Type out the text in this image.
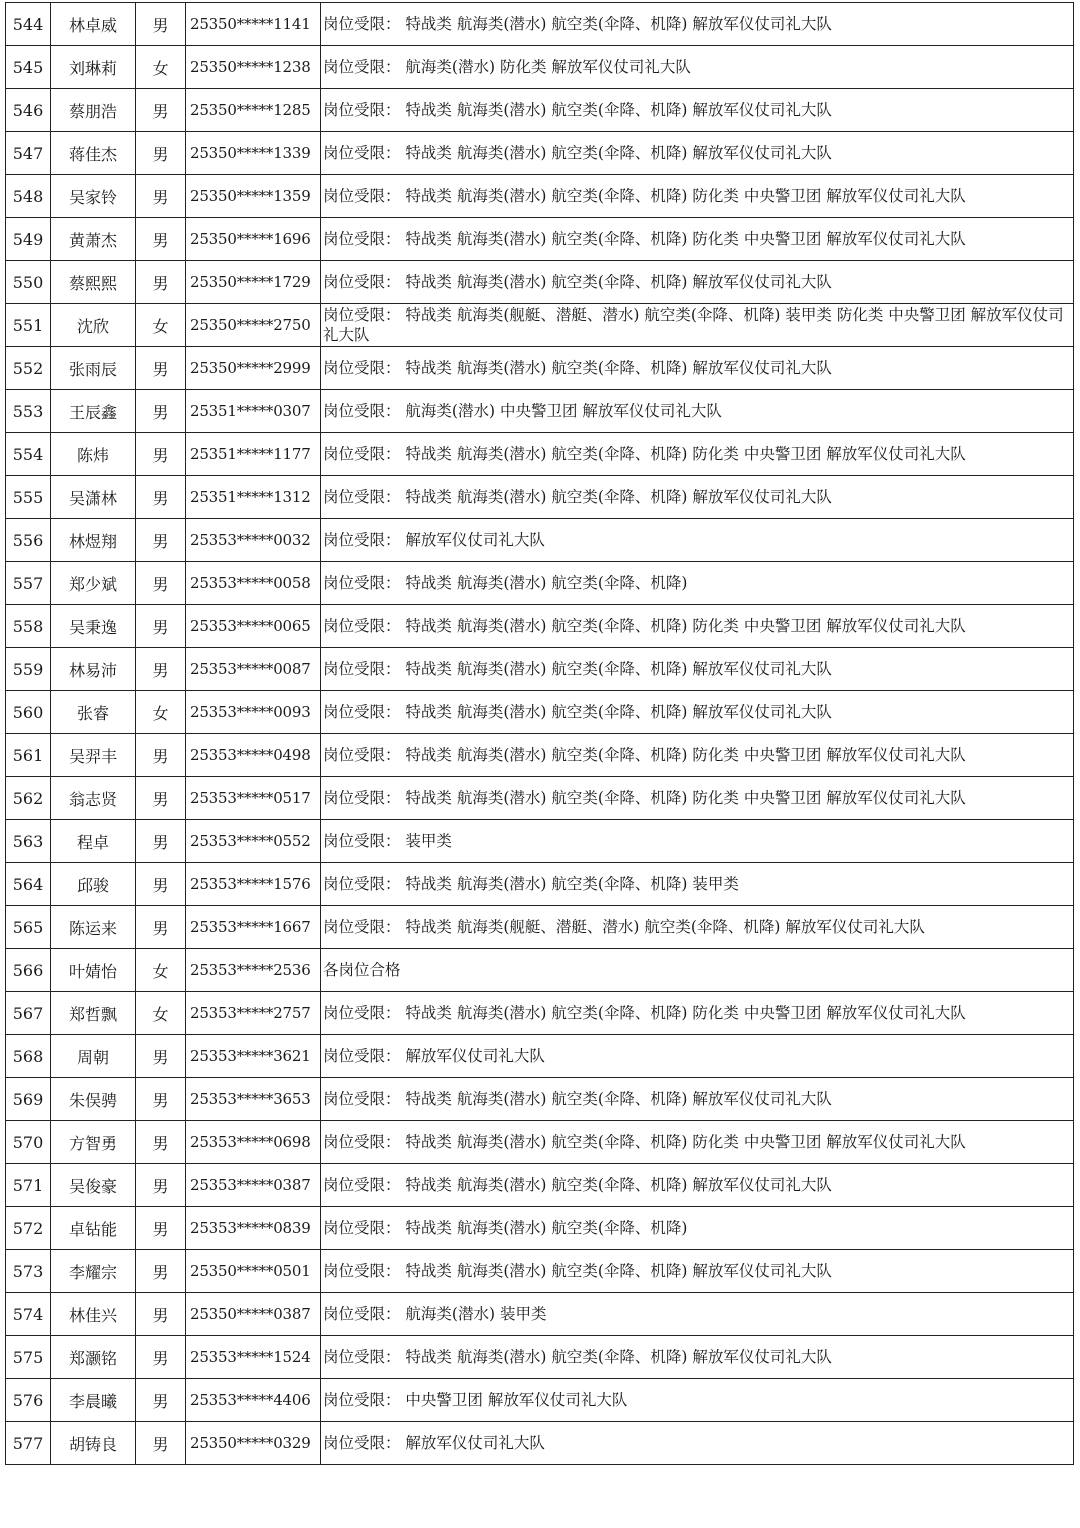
544	林卓威	男	25350*****1141	岗位受限： 特战类 航海类(潜水) 航空类(伞降、机降) 解放军仪仗司礼大队
545	刘琳莉	女	25350*****1238	岗位受限： 航海类(潜水) 防化类 解放军仪仗司礼大队
546	蔡朋浩	男	25350*****1285	岗位受限： 特战类 航海类(潜水) 航空类(伞降、机降) 解放军仪仗司礼大队
547	蒋佳杰	男	25350*****1339	岗位受限： 特战类 航海类(潜水) 航空类(伞降、机降) 解放军仪仗司礼大队
548	吴家铃	男	25350*****1359	岗位受限： 特战类 航海类(潜水) 航空类(伞降、机降) 防化类 中央警卫团 解放军仪仗司礼大队
549	黄萧杰	男	25350*****1696	岗位受限： 特战类 航海类(潜水) 航空类(伞降、机降) 防化类 中央警卫团 解放军仪仗司礼大队
550	蔡熙熙	男	25350*****1729	岗位受限： 特战类 航海类(潜水) 航空类(伞降、机降) 解放军仪仗司礼大队
551	沈欣	女	25350*****2750	岗位受限： 特战类 航海类(舰艇、潜艇、潜水) 航空类(伞降、机降) 装甲类 防化类 中央警卫团 解放军仪仗司礼大队
552	张雨辰	男	25350*****2999	岗位受限： 特战类 航海类(潜水) 航空类(伞降、机降) 解放军仪仗司礼大队
553	王辰鑫	男	25351*****0307	岗位受限： 航海类(潜水) 中央警卫团 解放军仪仗司礼大队
554	陈炜	男	25351*****1177	岗位受限： 特战类 航海类(潜水) 航空类(伞降、机降) 防化类 中央警卫团 解放军仪仗司礼大队
555	吴潇林	男	25351*****1312	岗位受限： 特战类 航海类(潜水) 航空类(伞降、机降) 解放军仪仗司礼大队
556	林煜翔	男	25353*****0032	岗位受限： 解放军仪仗司礼大队
557	郑少斌	男	25353*****0058	岗位受限： 特战类 航海类(潜水) 航空类(伞降、机降)
558	吴秉逸	男	25353*****0065	岗位受限： 特战类 航海类(潜水) 航空类(伞降、机降) 防化类 中央警卫团 解放军仪仗司礼大队
559	林易沛	男	25353*****0087	岗位受限： 特战类 航海类(潜水) 航空类(伞降、机降) 解放军仪仗司礼大队
560	张睿	女	25353*****0093	岗位受限： 特战类 航海类(潜水) 航空类(伞降、机降) 解放军仪仗司礼大队
561	吴羿丰	男	25353*****0498	岗位受限： 特战类 航海类(潜水) 航空类(伞降、机降) 防化类 中央警卫团 解放军仪仗司礼大队
562	翁志贤	男	25353*****0517	岗位受限： 特战类 航海类(潜水) 航空类(伞降、机降) 防化类 中央警卫团 解放军仪仗司礼大队
563	程卓	男	25353*****0552	岗位受限： 装甲类
564	邱骏	男	25353*****1576	岗位受限： 特战类 航海类(潜水) 航空类(伞降、机降) 装甲类
565	陈运来	男	25353*****1667	岗位受限： 特战类 航海类(舰艇、潜艇、潜水) 航空类(伞降、机降) 解放军仪仗司礼大队
566	叶婧怡	女	25353*****2536	各岗位合格
567	郑哲飘	女	25353*****2757	岗位受限： 特战类 航海类(潜水) 航空类(伞降、机降) 防化类 中央警卫团 解放军仪仗司礼大队
568	周朝	男	25353*****3621	岗位受限： 解放军仪仗司礼大队
569	朱俣骋	男	25353*****3653	岗位受限： 特战类 航海类(潜水) 航空类(伞降、机降) 解放军仪仗司礼大队
570	方智勇	男	25353*****0698	岗位受限： 特战类 航海类(潜水) 航空类(伞降、机降) 防化类 中央警卫团 解放军仪仗司礼大队
571	吴俊豪	男	25353*****0387	岗位受限： 特战类 航海类(潜水) 航空类(伞降、机降) 解放军仪仗司礼大队
572	卓钻能	男	25353*****0839	岗位受限： 特战类 航海类(潜水) 航空类(伞降、机降)
573	李耀宗	男	25350*****0501	岗位受限： 特战类 航海类(潜水) 航空类(伞降、机降) 解放军仪仗司礼大队
574	林佳兴	男	25350*****0387	岗位受限： 航海类(潜水) 装甲类
575	郑灏铭	男	25353*****1524	岗位受限： 特战类 航海类(潜水) 航空类(伞降、机降) 解放军仪仗司礼大队
576	李晨曦	男	25353*****4406	岗位受限： 中央警卫团 解放军仪仗司礼大队
577	胡铸良	男	25350*****0329	岗位受限： 解放军仪仗司礼大队
